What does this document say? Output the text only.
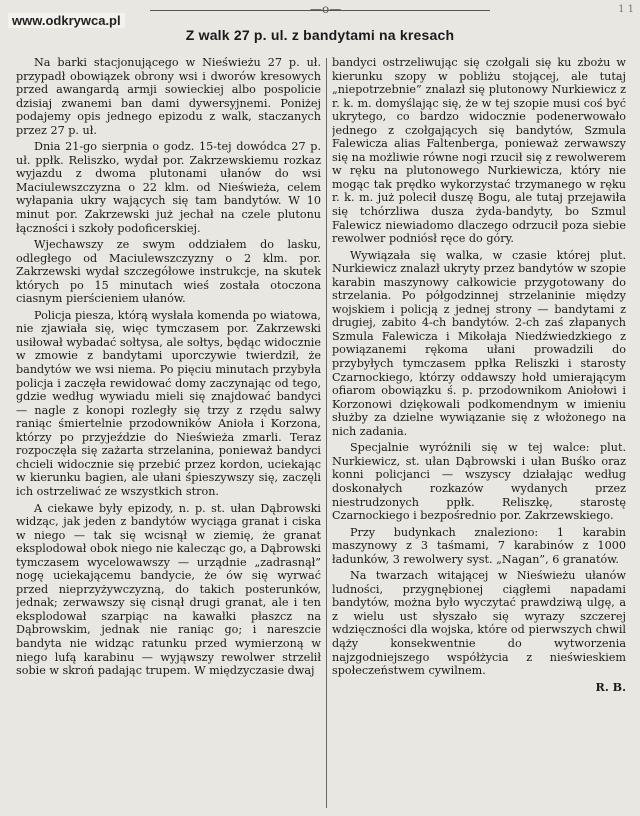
www.odkrywca.pl
—o—	1 1
Z walk 27 p. ul. z bandytami na kresach

Na barki stacjonującego w Nieświeżu 27 p. uł. przypadł obowiązek obrony wsi i dworów kresowych przed awangardą armji sowieckiej albo pospolicie dzisiaj zwanemi ban dami dywersyjnemi. Poniżej podajemy opis jednego epizodu z walk, staczanych przez 27 p. uł.

Dnia 21-go sierpnia o godz. 15-tej dowódca 27 p. uł. ppłk. Reliszko, wydał por. Zakrzewskiemu rozkaz wyjazdu z dwoma plutonami ułanów do wsi Maciulewszczyzna o 22 klm. od Nieświeża, celem wyłapania ukry wających się tam bandytów. W 10 minut por. Zakrzewski już jechał na czele plutonu łączności i szkoły podoficerskiej.

Wjechawszy ze swym oddziałem do lasku, odległego od Maciulewszczyzny o 2 klm. por. Zakrzewski wydał szczegółowe instrukcje, na skutek których po 15 minutach wieś została otoczona ciasnym pierścieniem ułanów.

Policja piesza, którą wysłała komenda po wiatowa, nie zjawiała się, więc tymczasem por. Zakrzewski usiłował wybadać sołtysa, ale sołtys, będąc widocznie w zmowie z bandytami uporczywie twierdził, że bandytów we wsi niema. Po pięciu minutach przybyła policja i zaczęła rewidować domy zaczynając od tego, gdzie według wywiadu mieli się znajdować bandyci — nagle z konopi rozległy się trzy z rzędu salwy raniąc śmiertelnie przodowników Anioła i Korzona, którzy po przyjeździe do Nieświeża zmarli. Teraz rozpoczęła się zażarta strzelanina, ponieważ bandyci chcieli widocznie się przebić przez kordon, uciekając w kierunku bagien, ale ułani śpieszywszy się, zaczęli ich ostrzeliwać ze wszystkich stron.

A ciekawe były epizody, n. p. st. ułan Dąbrowski widząc, jak jeden z bandytów wyciąga granat i ciska w niego — tak się wcisnął w ziemię, że granat eksplodował obok niego nie kalecząc go, a Dąbrowski tymczasem wycelowawszy — urządnie „zadrasnął” nogę uciekającemu bandycie, że ów się wyrwać przed nieprzyżywczyzną, do takich posterunków, jednak; zerwawszy się cisnął drugi granat, ale i ten eksplodował szarpiąc na kawałki płaszcz na Dąbrowskim, jednak nie raniąc go; i nareszcie bandyta nie widząc ratunku przed wymierzoną w niego lufą karabinu — wyjąwszy rewolwer strzelił sobie w skroń padając trupem. W międzyczasie dwaj

bandyci ostrzeliwując się czołgali się ku zbożu w kierunku szopy w pobliżu stojącej, ale tutaj „niepotrzebnie” znalazł się plutonowy Nurkiewicz z r. k. m. domyślając się, że w tej szopie musi coś być ukrytego, co bardzo widocznie podenerwowało jednego z czołgających się bandytów, Szmula Falewicza alias Faltenberga, ponieważ zerwawszy się na możliwie równe nogi rzucił się z rewolwerem w ręku na plutonowego Nurkiewicza, który nie mogąc tak prędko wykorzystać trzymanego w ręku r. k. m. już polecił duszę Bogu, ale tutaj przejawiła się tchórzliwa dusza żyda-bandyty, bo Szmul Falewicz niewiadomo dlaczego odrzucił poza siebie rewolwer podniósł ręce do góry.

Wywiązała się walka, w czasie której plut. Nurkiewicz znalazł ukryty przez bandytów w szopie karabin maszynowy całkowicie przygotowany do strzelania. Po półgodzinnej strzelaninie między wojskiem i policją z jednej strony — bandytami z drugiej, zabito 4-ch bandytów. 2-ch zaś złapanych Szmula Falewicza i Mikołaja Niedźwiedzkiego z powiązanemi rękoma ułani prowadzili do przybyłych tymczasem ppłka Reliszki i starosty Czarnockiego, którzy oddawszy hołd umierającym ofiarom obowiązku ś. p. przodownikom Aniołowi i Korzonowi dziękowali podkomendnym w imieniu służby za dzielne wywiązanie się z włożonego na nich zadania.

Specjalnie wyróżnili się w tej walce: plut. Nurkiewicz, st. ułan Dąbrowski i ułan Buśko oraz konni policjanci — wszyscy działając według doskonałych rozkazów wydanych przez niestrudzonych ppłk. Reliszkę, starostę Czarnockiego i bezpośrednio por. Zakrzewskiego.

Przy budynkach znaleziono: 1 karabin maszynowy z 3 taśmami, 7 karabinów z 1000 ładunków, 3 rewolwery syst. „Nagan”, 6 granatów.

Na twarzach witającej w Nieświeżu ułanów ludności, przygnębionej ciągłemi napadami bandytów, można było wyczytać prawdziwą ulgę, a z wielu ust słyszało się wyrazy szczerej wdzięczności dla wojska, które od pierwszych chwil dąży konsekwentnie do wytworzenia najzgodniejszego współżycia z nieświeskiem społeczeństwem cywilnem.

R. B.
